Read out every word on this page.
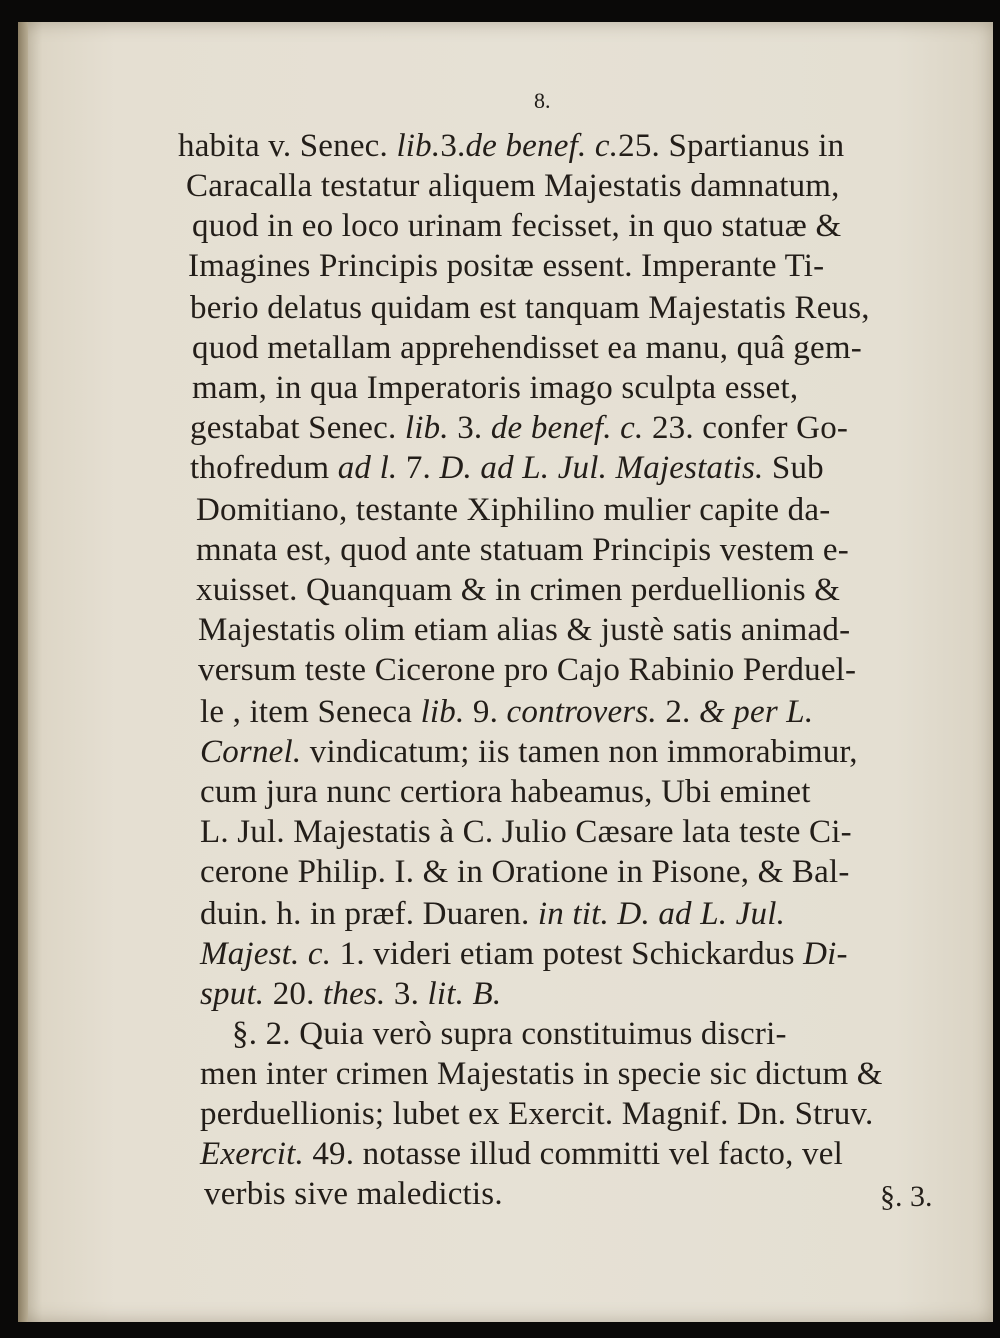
8.
habita v. Senec. lib.3.de benef. c.25. Spartianus in
Caracalla testatur aliquem Majestatis damnatum,
quod in eo loco urinam fecisset, in quo statuæ &
Imagines Principis positæ essent. Imperante Ti-
berio delatus quidam est tanquam Majestatis Reus,
quod metallam apprehendisset ea manu, quâ gem-
mam, in qua Imperatoris imago sculpta esset,
gestabat Senec. lib. 3. de benef. c. 23. confer Go-
thofredum ad l. 7. D. ad L. Jul. Majestatis. Sub
Domitiano, testante Xiphilino mulier capite da-
mnata est, quod ante statuam Principis vestem e-
xuisset. Quanquam & in crimen perduellionis &
Majestatis olim etiam alias & justè satis animad-
versum teste Cicerone pro Cajo Rabinio Perduel-
le , item Seneca lib. 9. controvers. 2. & per L.
Cornel. vindicatum; iis tamen non immorabimur,
cum jura nunc certiora habeamus, Ubi eminet
L. Jul. Majestatis à C. Julio Cæsare lata teste Ci-
cerone Philip. I. & in Oratione in Pisone, & Bal-
duin. h. in præf. Duaren. in tit. D. ad L. Jul.
Majest. c. 1. videri etiam potest Schickardus Di-
sput. 20. thes. 3. lit. B.
§. 2. Quia verò supra constituimus discri-
men inter crimen Majestatis in specie sic dictum &
perduellionis; lubet ex Exercit. Magnif. Dn. Struv.
Exercit. 49. notasse illud committi vel facto, vel
verbis sive maledictis.	§. 3.
